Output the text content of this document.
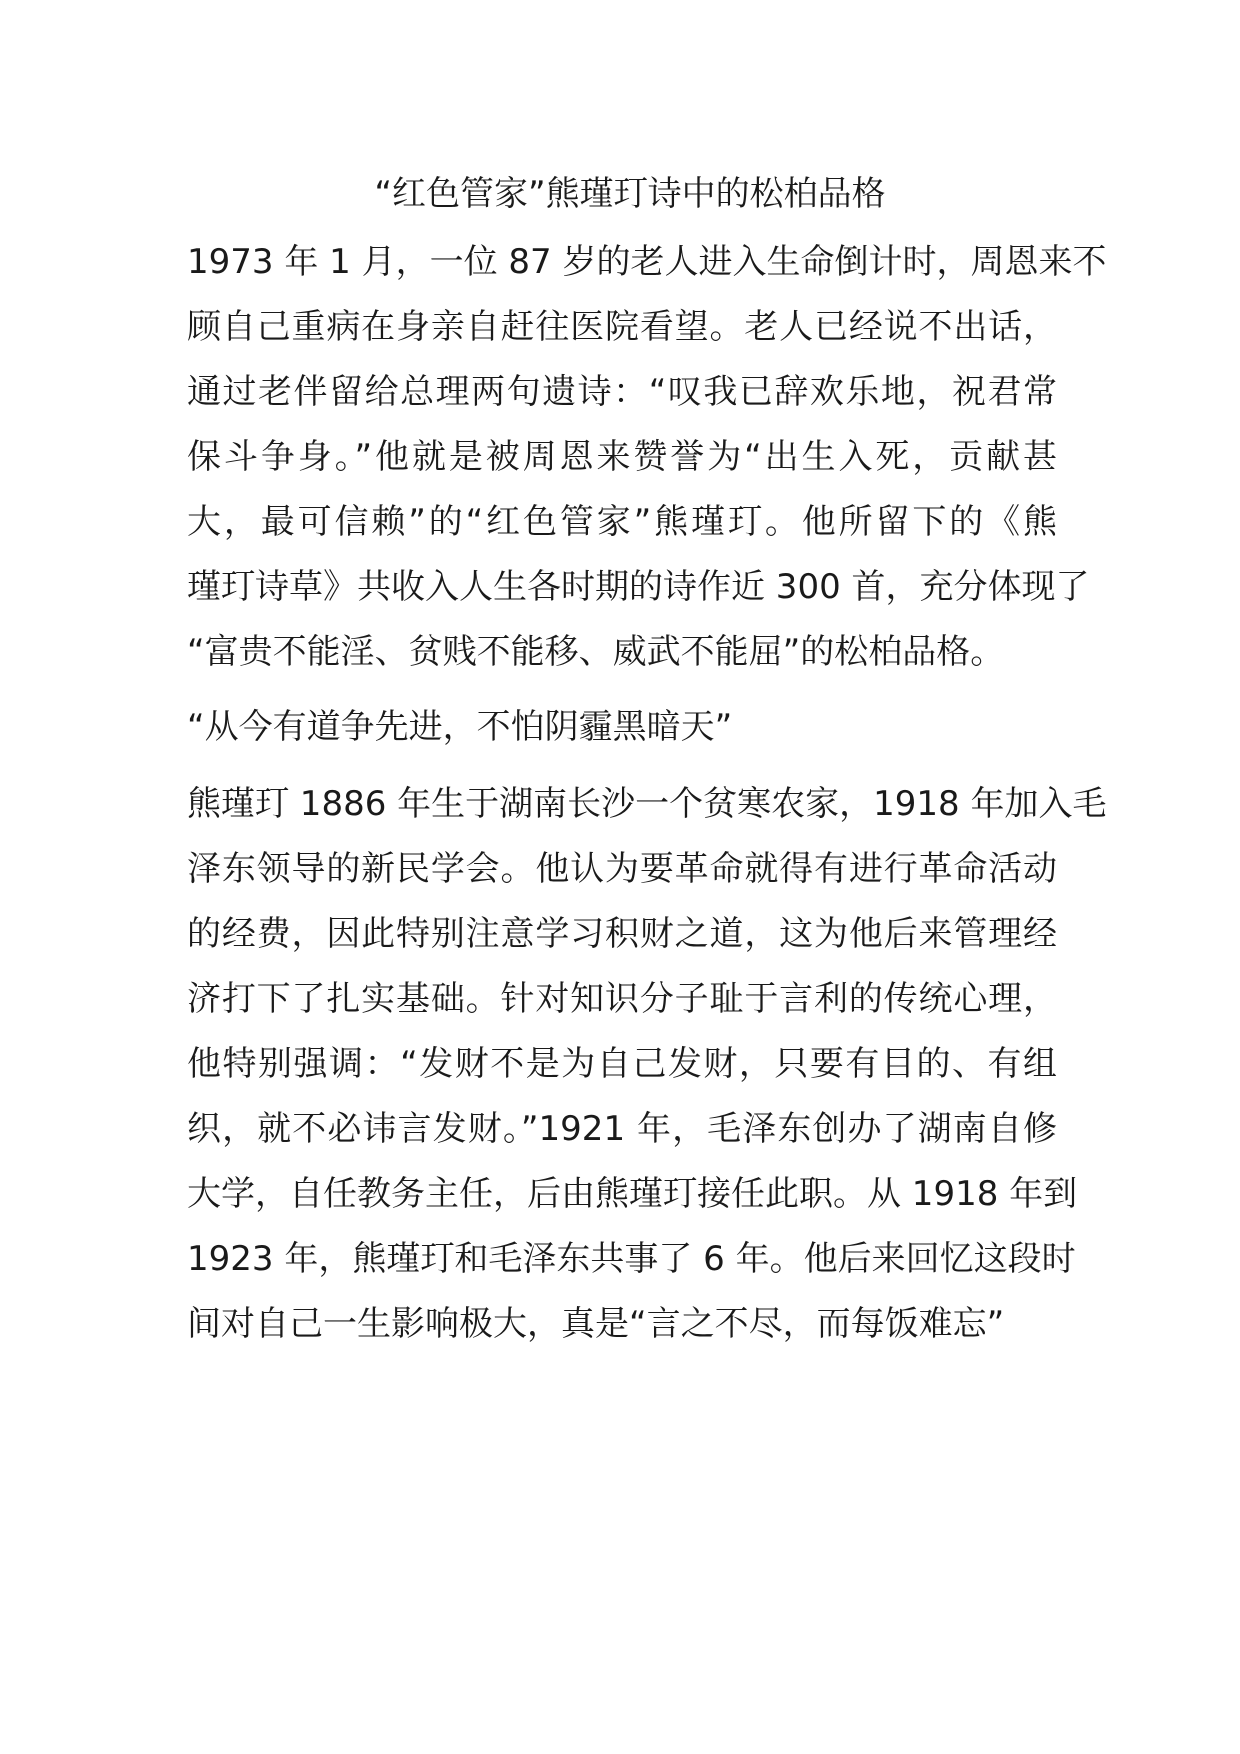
“红色管家”熊瑾玎诗中的松柏品格
1973 年 1 月，一位 87 岁的老人进入生命倒计时，周恩来不
顾自己重病在身亲自赶往医院看望。老人已经说不出话，
通过老伴留给总理两句遗诗：“叹我已辞欢乐地，祝君常
保斗争身。”他就是被周恩来赞誉为“出生入死，贡献甚
大，最可信赖”的“红色管家”熊瑾玎。他所留下的《熊
瑾玎诗草》共收入人生各时期的诗作近 300 首，充分体现了
“富贵不能淫、贫贱不能移、威武不能屈”的松柏品格。
“从今有道争先进，不怕阴霾黑暗天”
熊瑾玎 1886 年生于湖南长沙一个贫寒农家，1918 年加入毛
泽东领导的新民学会。他认为要革命就得有进行革命活动
的经费，因此特别注意学习积财之道，这为他后来管理经
济打下了扎实基础。针对知识分子耻于言利的传统心理，
他特别强调：“发财不是为自己发财，只要有目的、有组
织，就不必讳言发财。”1921 年，毛泽东创办了湖南自修
大学，自任教务主任，后由熊瑾玎接任此职。从 1918 年到
1923 年，熊瑾玎和毛泽东共事了 6 年。他后来回忆这段时
间对自己一生影响极大，真是“言之不尽，而每饭难忘”
